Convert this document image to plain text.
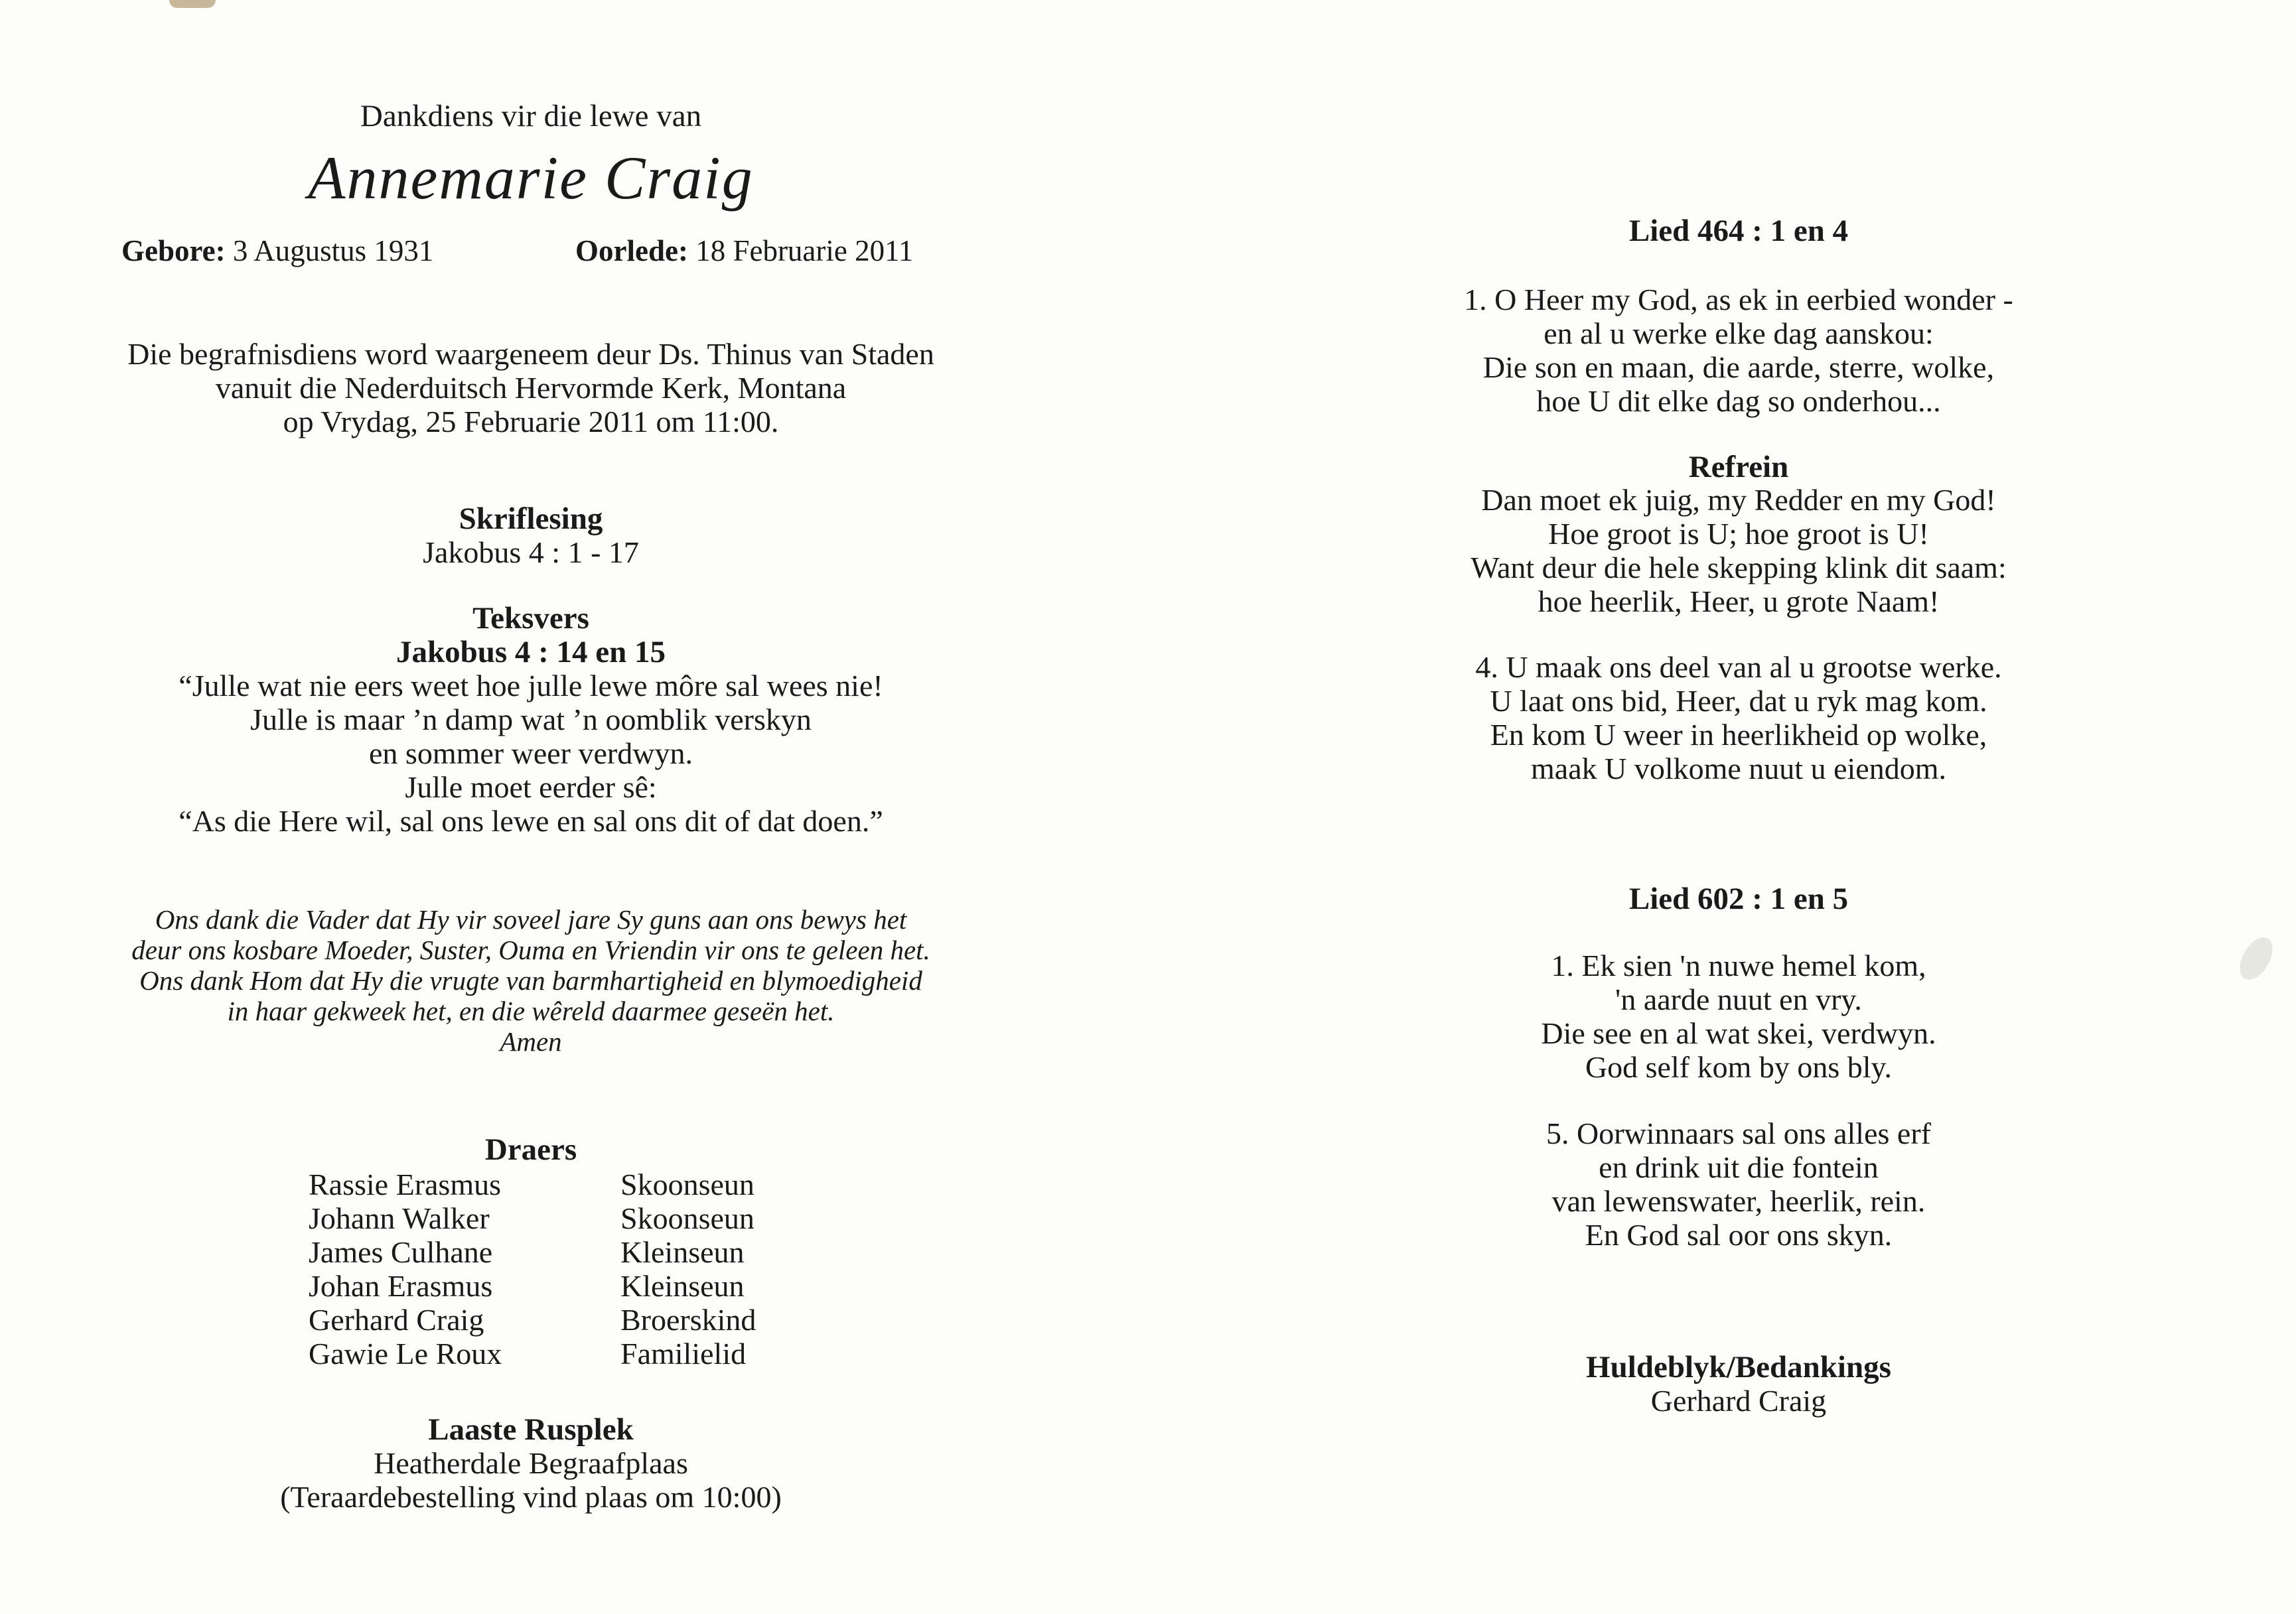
Dankdiens vir die lewe van
Annemarie Craig
Gebore: 3 Augustus 1931	Oorlede: 18 Februarie 2011
Die begrafnisdiens word waargeneem deur Ds. Thinus van Staden
vanuit die Nederduitsch Hervormde Kerk, Montana
op Vrydag, 25 Februarie 2011 om 11:00.
Skriflesing
Jakobus 4 : 1 - 17
Teksvers
Jakobus 4 : 14 en 15
“Julle wat nie eers weet hoe julle lewe môre sal wees nie!
Julle is maar ’n damp wat ’n oomblik verskyn
en sommer weer verdwyn.
Julle moet eerder sê:
“As die Here wil, sal ons lewe en sal ons dit of dat doen.”
Ons dank die Vader dat Hy vir soveel jare Sy guns aan ons bewys het
deur ons kosbare Moeder, Suster, Ouma en Vriendin vir ons te geleen het.
Ons dank Hom dat Hy die vrugte van barmhartigheid en blymoedigheid
in haar gekweek het, en die wêreld daarmee geseën het.
Amen
Draers
Rassie Erasmus	Skoonseun
Johann Walker	Skoonseun
James Culhane	Kleinseun
Johan Erasmus	Kleinseun
Gerhard Craig	Broerskind
Gawie Le Roux	Familielid
Laaste Rusplek
Heatherdale Begraafplaas
(Teraardebestelling vind plaas om 10:00)
Lied 464 : 1 en 4
1. O Heer my God, as ek in eerbied wonder -
en al u werke elke dag aanskou:
Die son en maan, die aarde, sterre, wolke,
hoe U dit elke dag so onderhou...
Refrein
Dan moet ek juig, my Redder en my God!
Hoe groot is U; hoe groot is U!
Want deur die hele skepping klink dit saam:
hoe heerlik, Heer, u grote Naam!
4. U maak ons deel van al u grootse werke.
U laat ons bid, Heer, dat u ryk mag kom.
En kom U weer in heerlikheid op wolke,
maak U volkome nuut u eiendom.
Lied 602 : 1 en 5
1. Ek sien 'n nuwe hemel kom,
'n aarde nuut en vry.
Die see en al wat skei, verdwyn.
God self kom by ons bly.
5. Oorwinnaars sal ons alles erf
en drink uit die fontein
van lewenswater, heerlik, rein.
En God sal oor ons skyn.
Huldeblyk/Bedankings
Gerhard Craig
